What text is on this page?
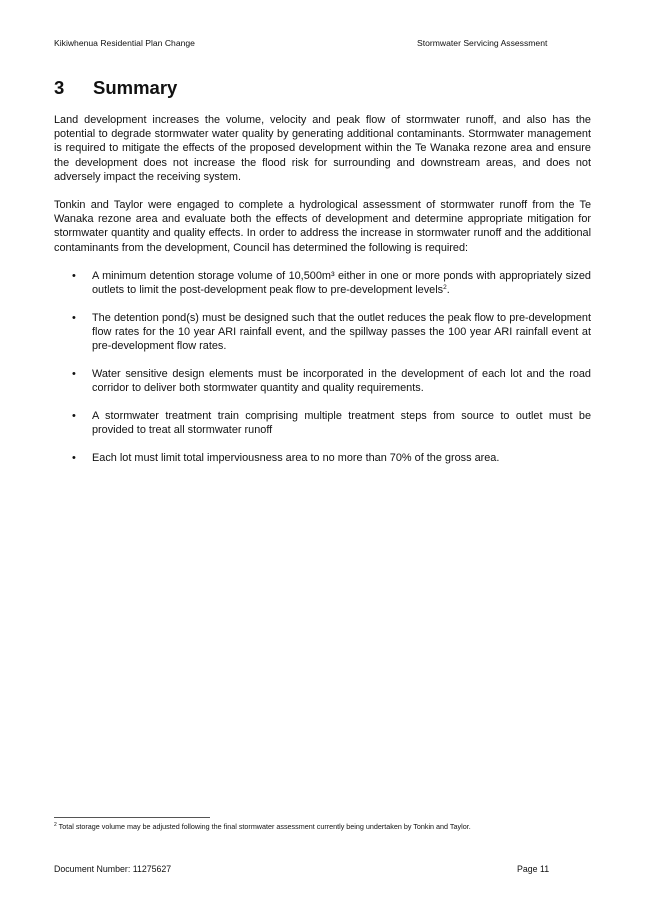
Kikiwhenua Residential Plan Change	Stormwater Servicing Assessment
3 Summary

Land development increases the volume, velocity and peak flow of stormwater runoff, and also has the potential to degrade stormwater water quality by generating additional contaminants. Stormwater management is required to mitigate the effects of the proposed development within the Te Wanaka rezone area and ensure the development does not increase the flood risk for surrounding and downstream areas, and does not adversely impact the receiving system.

Tonkin and Taylor were engaged to complete a hydrological assessment of stormwater runoff from the Te Wanaka rezone area and evaluate both the effects of development and determine appropriate mitigation for stormwater quantity and quality effects. In order to address the increase in stormwater runoff and the additional contaminants from the development, Council has determined the following is required:

• A minimum detention storage volume of 10,500m³ either in one or more ponds with appropriately sized outlets to limit the post-development peak flow to pre-development levels$^2$.
• The detention pond(s) must be designed such that the outlet reduces the peak flow to pre-development flow rates for the 10 year ARI rainfall event, and the spillway passes the 100 year ARI rainfall event at pre-development flow rates.
• Water sensitive design elements must be incorporated in the development of each lot and the road corridor to deliver both stormwater quantity and quality requirements.
• A stormwater treatment train comprising multiple treatment steps from source to outlet must be provided to treat all stormwater runoff
• Each lot must limit total imperviousness area to no more than 70% of the gross area.
$^2$ Total storage volume may be adjusted following the final stormwater assessment currently being undertaken by Tonkin and Taylor.
Document Number: 11275627	Page 11
